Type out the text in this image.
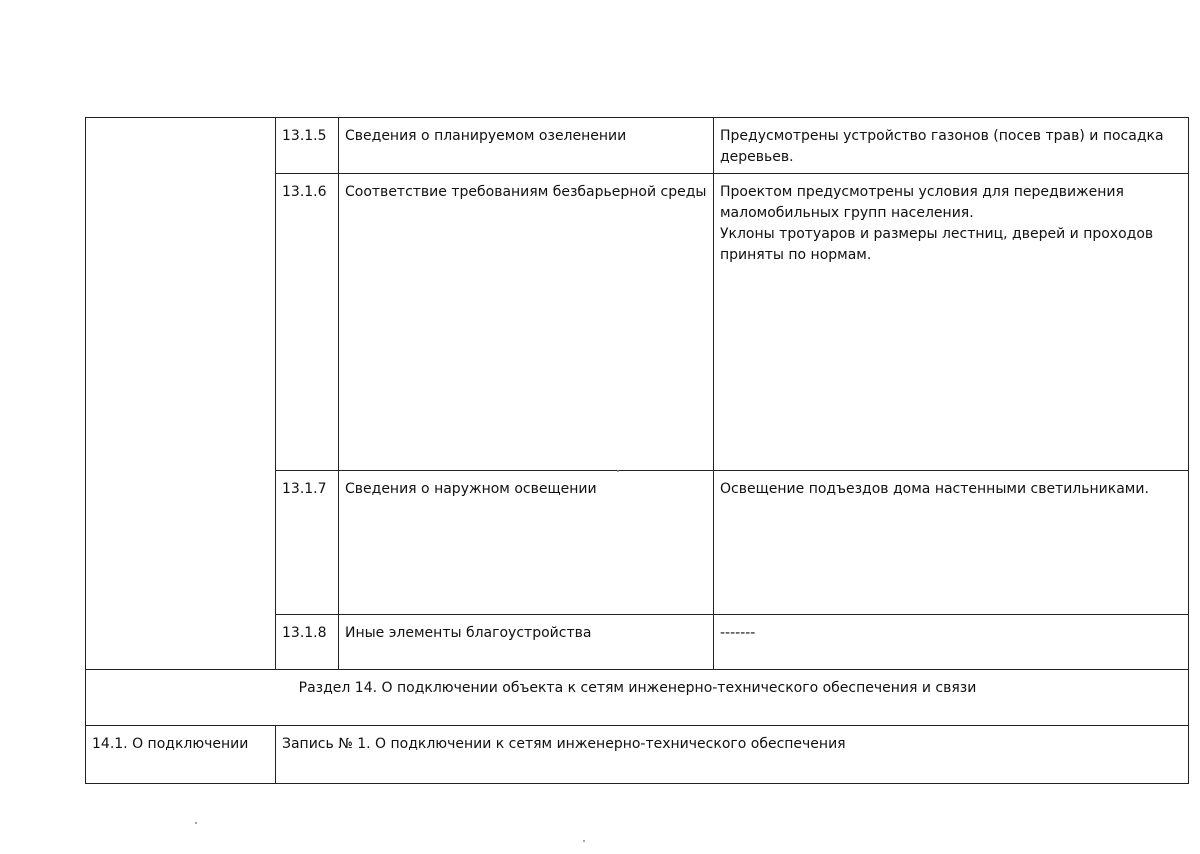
	13.1.5	Сведения о планируемом озеленении	Предусмотрены устройство газонов (посев трав) и посадка деревьев.

	13.1.6	Соответствие требованиям безбарьерной среды	Проектом предусмотрены условия для передвижения маломобильных групп населения.
Уклоны тротуаров и размеры лестниц, дверей и проходов приняты по нормам.

	13.1.7	Сведения о наружном освещении	Освещение подъездов дома настенными светильниками.

	13.1.8	Иные элементы благоустройства	-------

Раздел 14. О подключении объекта к сетям инженерно-технического обеспечения и связи			

14.1. О подключении	Запись № 1. О подключении к сетям инженерно-технического обеспечения		
